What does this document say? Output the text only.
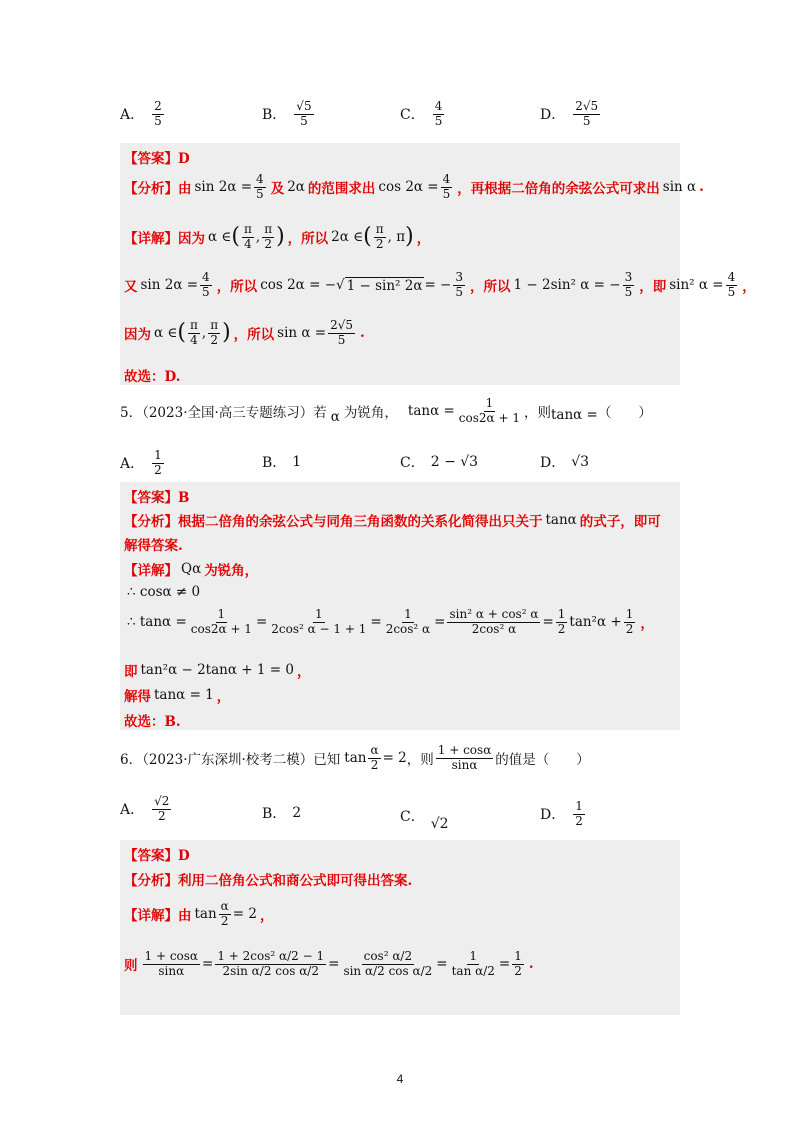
A． $\frac{2}{5}$	B． $\frac{√5}{5}$	C． $\frac{4}{5}$	D． $\frac{2√5}{5}$
【答案】D
【分析】由 $\sin 2\alpha = \frac{4}{5}$ 及 2α 的范围求出 $\cos 2\alpha = \frac{4}{5}$ ，再根据二倍角的余弦公式可求出 sin α .
【详解】因为 α ∈ ( $\frac{\pi}{4}$ , $\frac{\pi}{2}$ ) ，所以 2α ∈ ( $\frac{\pi}{2}$ , π ) ，
又 $\sin 2\alpha = \frac{4}{5}$ ，所以 cos 2α = −√ 1 − sin² 2α = − $\frac{3}{5}$ ，所以 1 − 2sin² α = − $\frac{3}{5}$ ，即 sin² $\alpha = \frac{4}{5}$ ，
因为 α ∈ ( $\frac{\pi}{4}$ , $\frac{\pi}{2}$ ) ，所以 $\sin \alpha = \frac{2√5}{5}$ .
故选：D.
5．（2023·全国·高三专题练习）若 α 为锐角， $\tan\alpha = \frac{1}{\cos 2\alpha + 1}$ ，则 tanα = （　　）
A． $\frac{1}{2}$	B． 1	C． 2 − √3	D． √3
【答案】B
【分析】根据二倍角的余弦公式与同角三角函数的关系化简得出只关于 tanα 的式子，即可
解得答案.
【详解】 Qα 为锐角，
∴ cosα ≠ 0
∴ $\tan\alpha = \frac{1}{\cos 2\alpha + 1} = \frac{1}{\text{2cos² α − 1 + 1}} = \frac{1}{\text{2cos² α}} = \frac{\text{sin² α + cos² α}}{\text{2cos² α}} = \frac{1}{2} \tan^2\alpha + \frac{1}{2}$ ，
即 tan²α − 2tanα + 1 = 0 ，
解得 tanα = 1 ，
故选：B.
6．（2023·广东深圳·校考二模）已知 $\tan \frac{\alpha}{2} = 2$ ，则 $\frac{1 + \cos\alpha}{\sin\alpha}$ 的值是（　　）
A． $\frac{√2}{2}$	B． 2	C． √2
D． $\frac{1}{2}$
【答案】D
【分析】利用二倍角公式和商公式即可得出答案.
【详解】由 $\tan \frac{\alpha}{2} = 2$ ，
则 $\frac{1 + \cos\alpha}{\sin\alpha} = \frac{\text{1 + 2cos² α/2 − 1}}{\text{2sin α/2 cos α/2}} = \frac{\text{cos² α/2}}{\text{sin α/2 cos α/2}} = \frac{1}{\text{tan α/2}} = \frac{1}{2}$ .
4
